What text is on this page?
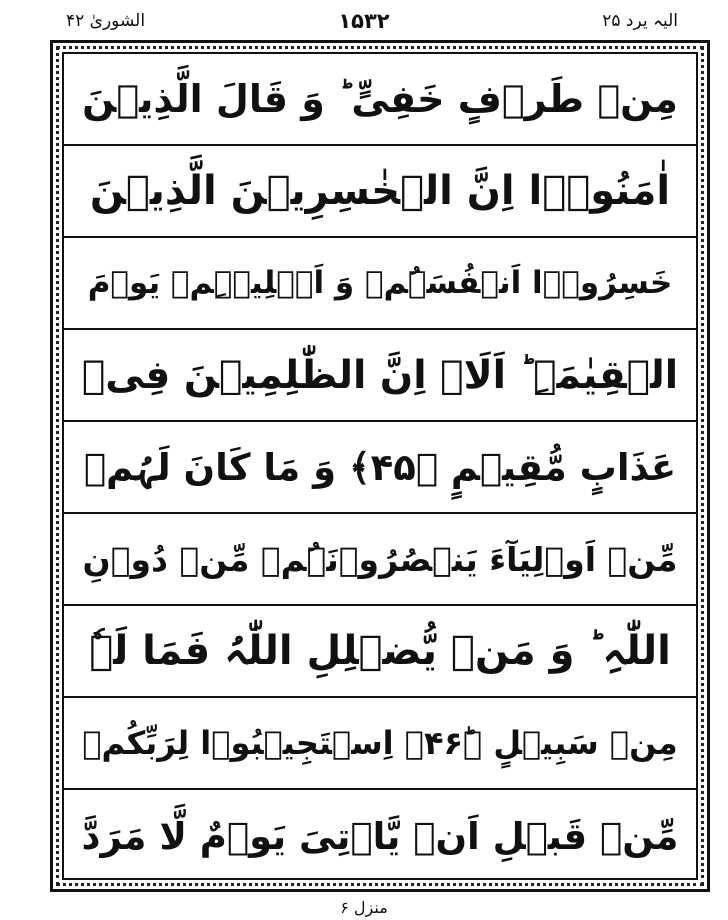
الشوریٰ ۴۲	۱۵۳۲	الیہ یرد ۲۵
مِنۡ طَرۡفٍ خَفِیٍّ ؕ وَ قَالَ الَّذِیۡنَ
اٰمَنُوۡۤا اِنَّ الۡخٰسِرِیۡنَ الَّذِیۡنَ
خَسِرُوۡۤا اَنۡفُسَہُمۡ وَ اَہۡلِیۡہِمۡ یَوۡمَ
الۡقِیٰمَۃِ ؕ اَلَاۤ اِنَّ الظّٰلِمِیۡنَ فِیۡ
عَذَابٍ مُّقِیۡمٍ ﴿۴۵﴾ وَ مَا کَانَ لَہُمۡ
مِّنۡ اَوۡلِیَآءَ یَنۡصُرُوۡنَہُمۡ مِّنۡ دُوۡنِ
اللّٰہِ ؕ وَ مَنۡ یُّضۡلِلِ اللّٰہُ فَمَا لَہٗ
مِنۡ سَبِیۡلٍ ﴿ؕ۴۶﴾ اِسۡتَجِیۡبُوۡا لِرَبِّکُمۡ
مِّنۡ قَبۡلِ اَنۡ یَّاۡتِیَ یَوۡمٌ لَّا مَرَدَّ
منزل ۶
